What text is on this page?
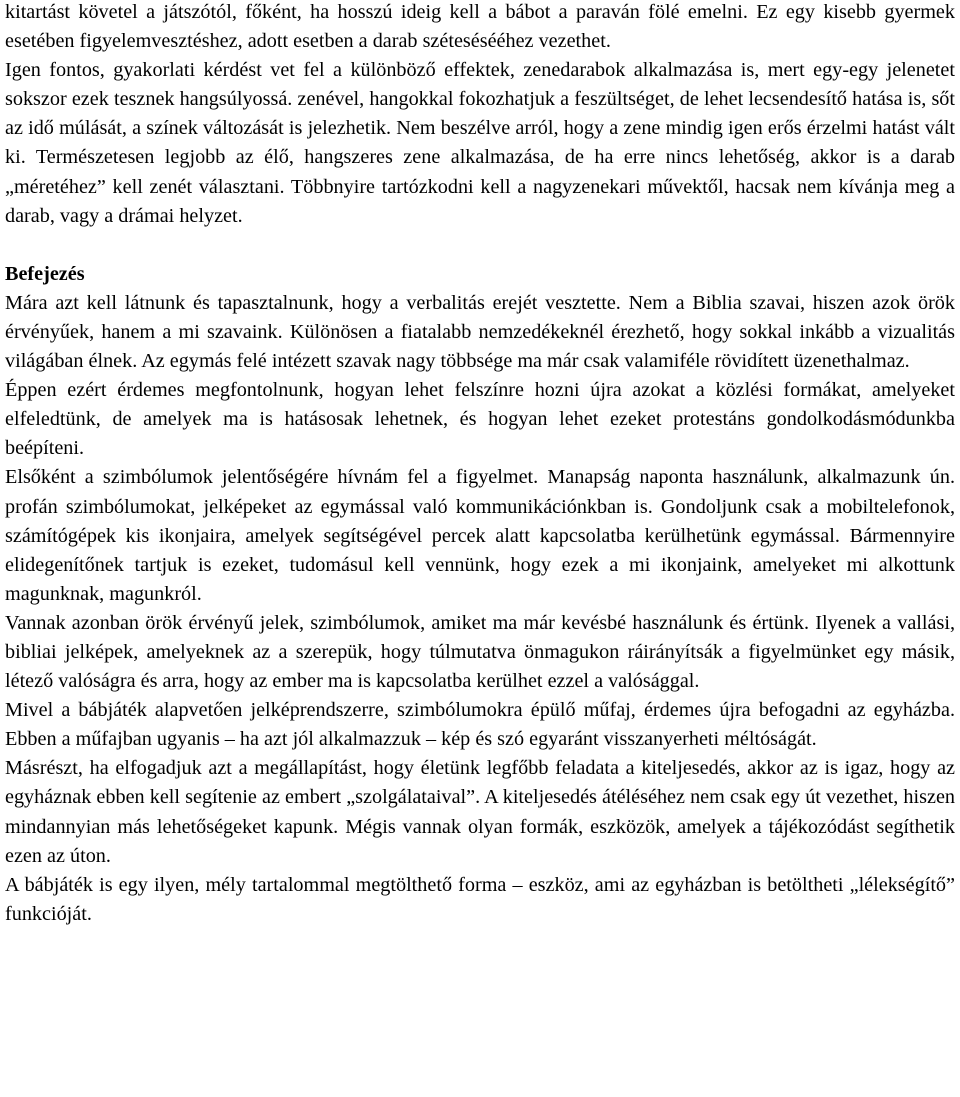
kitartást követel a játszótól, főként, ha hosszú ideig kell a bábot a paraván fölé emelni. Ez egy kisebb gyermek esetében figyelemvesztéshez, adott esetben a darab szétesésééhez vezethet.

Igen fontos, gyakorlati kérdést vet fel a különböző effektek, zenedarabok alkalmazása is, mert egy-egy jelenetet sokszor ezek tesznek hangsúlyossá. zenével, hangokkal fokozhatjuk a feszültséget, de lehet lecsendesítő hatása is, sőt az idő múlását, a színek változását is jelezhetik. Nem beszélve arról, hogy a zene mindig igen erős érzelmi hatást vált ki. Természetesen legjobb az élő, hangszeres zene alkalmazása, de ha erre nincs lehetőség, akkor is a darab „méretéhez” kell zenét választani. Többnyire tartózkodni kell a nagyzenekari művektől, hacsak nem kívánja meg a darab, vagy a drámai helyzet.

Befejezés

Mára azt kell látnunk és tapasztalnunk, hogy a verbalitás erejét vesztette. Nem a Biblia szavai, hiszen azok örök érvényűek, hanem a mi szavaink. Különösen a fiatalabb nemzedékeknél érezhető, hogy sokkal inkább a vizualitás világában élnek. Az egymás felé intézett szavak nagy többsége ma már csak valamiféle rövidített üzenethalmaz.

Éppen ezért érdemes megfontolnunk, hogyan lehet felszínre hozni újra azokat a közlési formákat, amelyeket elfeledtünk, de amelyek ma is hatásosak lehetnek, és hogyan lehet ezeket protestáns gondolkodásmódunkba beépíteni.

Elsőként a szimbólumok jelentőségére hívnám fel a figyelmet. Manapság naponta használunk, alkalmazunk ún. profán szimbólumokat, jelképeket az egymással való kommunikációnkban is. Gondoljunk csak a mobiltelefonok, számítógépek kis ikonjaira, amelyek segítségével percek alatt kapcsolatba kerülhetünk egymással. Bármennyire elidegenítőnek tartjuk is ezeket, tudomásul kell vennünk, hogy ezek a mi ikonjaink, amelyeket mi alkottunk magunknak, magunkról.

Vannak azonban örök érvényű jelek, szimbólumok, amiket ma már kevésbé használunk és értünk. Ilyenek a vallási, bibliai jelképek, amelyeknek az a szerepük, hogy túlmutatva önmagukon ráirányítsák a figyelmünket egy másik, létező valóságra és arra, hogy az ember ma is kapcsolatba kerülhet ezzel a valósággal.

Mivel a bábjáték alapvetően jelképrendszerre, szimbólumokra épülő műfaj, érdemes újra befogadni az egyházba. Ebben a műfajban ugyanis – ha azt jól alkalmazzuk – kép és szó egyaránt visszanyerheti méltóságát.

Másrészt, ha elfogadjuk azt a megállapítást, hogy életünk legfőbb feladata a kiteljesedés, akkor az is igaz, hogy az egyháznak ebben kell segítenie az embert „szolgálataival”. A kiteljesedés átéléséhez nem csak egy út vezethet, hiszen mindannyian más lehetőségeket kapunk. Mégis vannak olyan formák, eszközök, amelyek a tájékozódást segíthetik ezen az úton.

A bábjáték is egy ilyen, mély tartalommal megtölthető forma – eszköz, ami az egyházban is betöltheti „lélekségítő” funkcióját.
